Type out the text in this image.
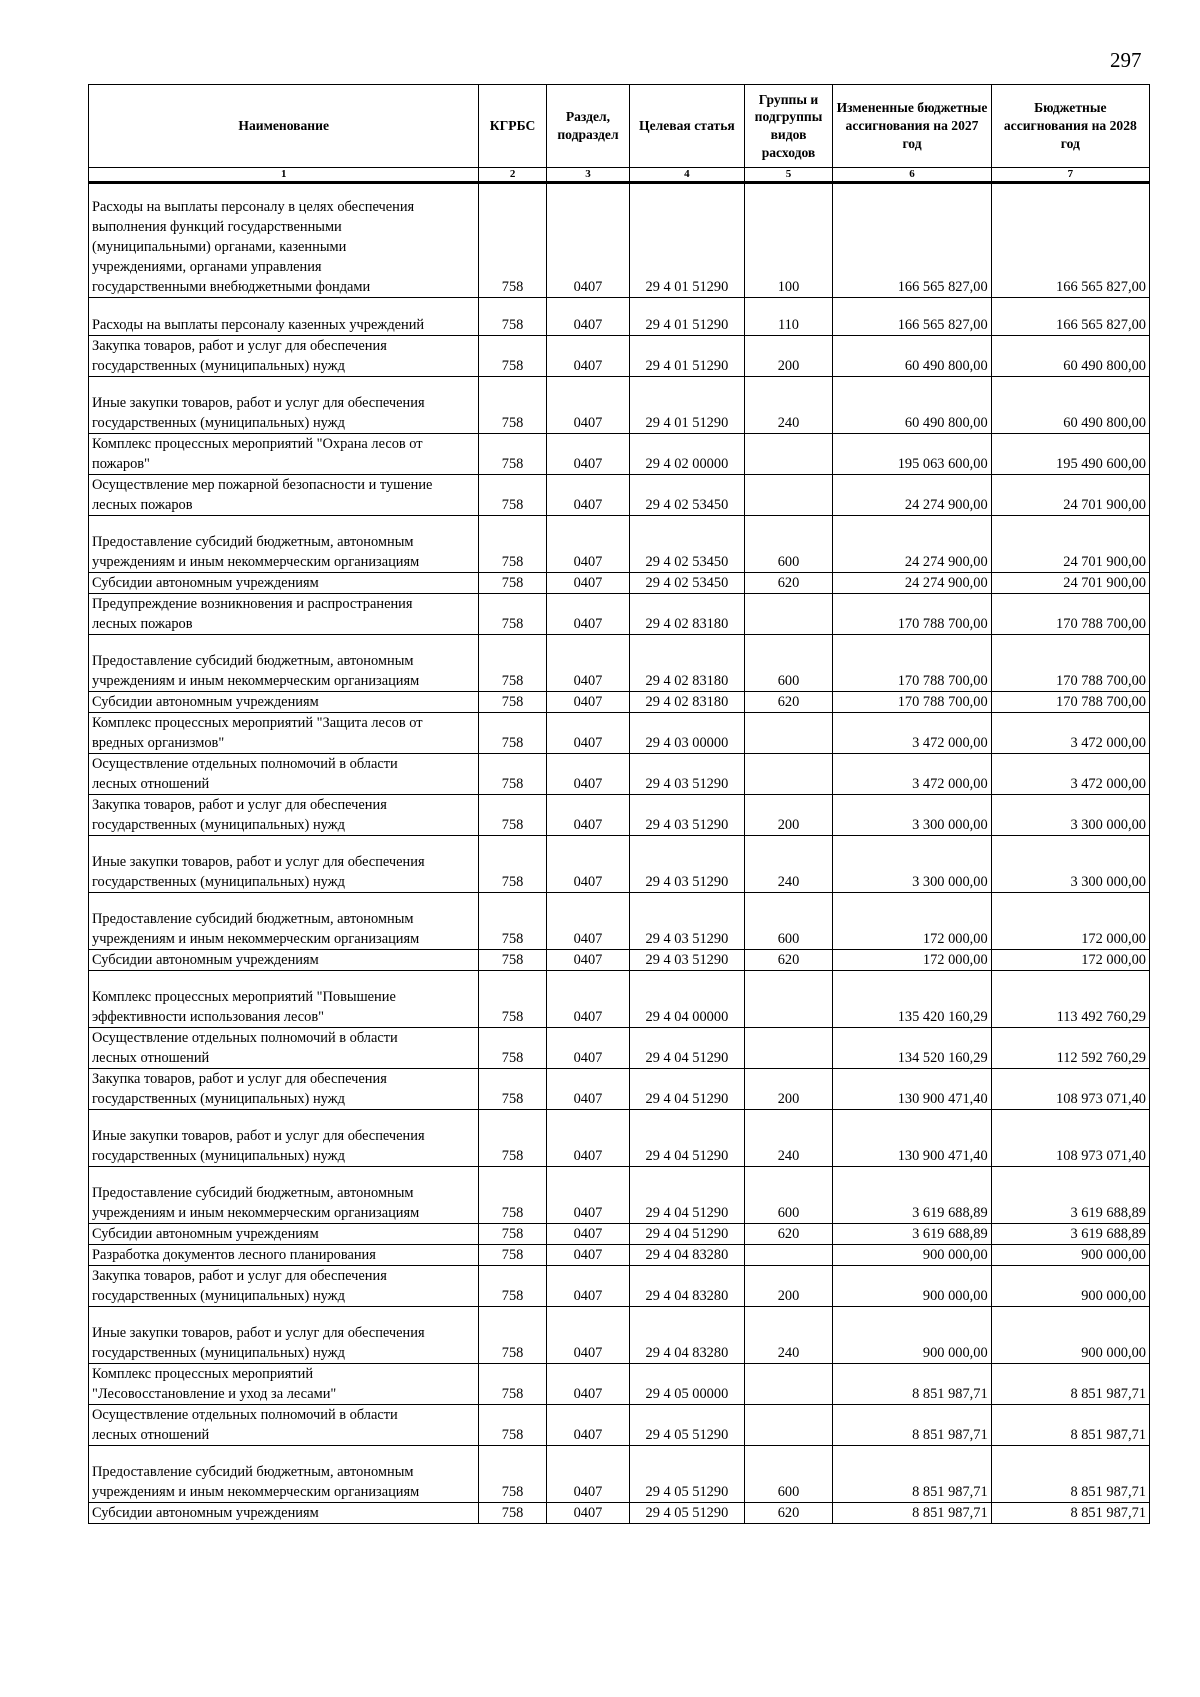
297
Наименование	КГРБС	Раздел, подраздел	Целевая статья	Группы и подгруппы видов расходов	Измененные бюджетные ассигнования на 2027 год	Бюджетные ассигнования на 2028 год
1	2	3	4	5	6	7
Расходы на выплаты персоналу в целях обеспечения
выполнения функций государственными
(муниципальными) органами, казенными
учреждениями, органами управления
государственными внебюджетными фондами	758	0407	29 4 01 51290	100	166 565 827,00	166 565 827,00
Расходы на выплаты персоналу казенных учреждений	758	0407	29 4 01 51290	110	166 565 827,00	166 565 827,00
Закупка товаров, работ и услуг для обеспечения
государственных (муниципальных) нужд	758	0407	29 4 01 51290	200	60 490 800,00	60 490 800,00
Иные закупки товаров, работ и услуг для обеспечения
государственных (муниципальных) нужд	758	0407	29 4 01 51290	240	60 490 800,00	60 490 800,00
Комплекс процессных мероприятий "Охрана лесов от
пожаров"	758	0407	29 4 02 00000		195 063 600,00	195 490 600,00
Осуществление мер пожарной безопасности и тушение
лесных пожаров	758	0407	29 4 02 53450		24 274 900,00	24 701 900,00
Предоставление субсидий бюджетным, автономным
учреждениям и иным некоммерческим организациям	758	0407	29 4 02 53450	600	24 274 900,00	24 701 900,00
Субсидии автономным учреждениям	758	0407	29 4 02 53450	620	24 274 900,00	24 701 900,00
Предупреждение возникновения и распространения
лесных пожаров	758	0407	29 4 02 83180		170 788 700,00	170 788 700,00
Предоставление субсидий бюджетным, автономным
учреждениям и иным некоммерческим организациям	758	0407	29 4 02 83180	600	170 788 700,00	170 788 700,00
Субсидии автономным учреждениям	758	0407	29 4 02 83180	620	170 788 700,00	170 788 700,00
Комплекс процессных мероприятий "Защита лесов от
вредных организмов"	758	0407	29 4 03 00000		3 472 000,00	3 472 000,00
Осуществление отдельных полномочий в области
лесных отношений	758	0407	29 4 03 51290		3 472 000,00	3 472 000,00
Закупка товаров, работ и услуг для обеспечения
государственных (муниципальных) нужд	758	0407	29 4 03 51290	200	3 300 000,00	3 300 000,00
Иные закупки товаров, работ и услуг для обеспечения
государственных (муниципальных) нужд	758	0407	29 4 03 51290	240	3 300 000,00	3 300 000,00
Предоставление субсидий бюджетным, автономным
учреждениям и иным некоммерческим организациям	758	0407	29 4 03 51290	600	172 000,00	172 000,00
Субсидии автономным учреждениям	758	0407	29 4 03 51290	620	172 000,00	172 000,00
Комплекс процессных мероприятий "Повышение
эффективности использования лесов"	758	0407	29 4 04 00000		135 420 160,29	113 492 760,29
Осуществление отдельных полномочий в области
лесных отношений	758	0407	29 4 04 51290		134 520 160,29	112 592 760,29
Закупка товаров, работ и услуг для обеспечения
государственных (муниципальных) нужд	758	0407	29 4 04 51290	200	130 900 471,40	108 973 071,40
Иные закупки товаров, работ и услуг для обеспечения
государственных (муниципальных) нужд	758	0407	29 4 04 51290	240	130 900 471,40	108 973 071,40
Предоставление субсидий бюджетным, автономным
учреждениям и иным некоммерческим организациям	758	0407	29 4 04 51290	600	3 619 688,89	3 619 688,89
Субсидии автономным учреждениям	758	0407	29 4 04 51290	620	3 619 688,89	3 619 688,89
Разработка документов лесного планирования	758	0407	29 4 04 83280		900 000,00	900 000,00
Закупка товаров, работ и услуг для обеспечения
государственных (муниципальных) нужд	758	0407	29 4 04 83280	200	900 000,00	900 000,00
Иные закупки товаров, работ и услуг для обеспечения
государственных (муниципальных) нужд	758	0407	29 4 04 83280	240	900 000,00	900 000,00
Комплекс процессных мероприятий
"Лесовосстановление и уход за лесами"	758	0407	29 4 05 00000		8 851 987,71	8 851 987,71
Осуществление отдельных полномочий в области
лесных отношений	758	0407	29 4 05 51290		8 851 987,71	8 851 987,71
Предоставление субсидий бюджетным, автономным
учреждениям и иным некоммерческим организациям	758	0407	29 4 05 51290	600	8 851 987,71	8 851 987,71
Субсидии автономным учреждениям	758	0407	29 4 05 51290	620	8 851 987,71	8 851 987,71
